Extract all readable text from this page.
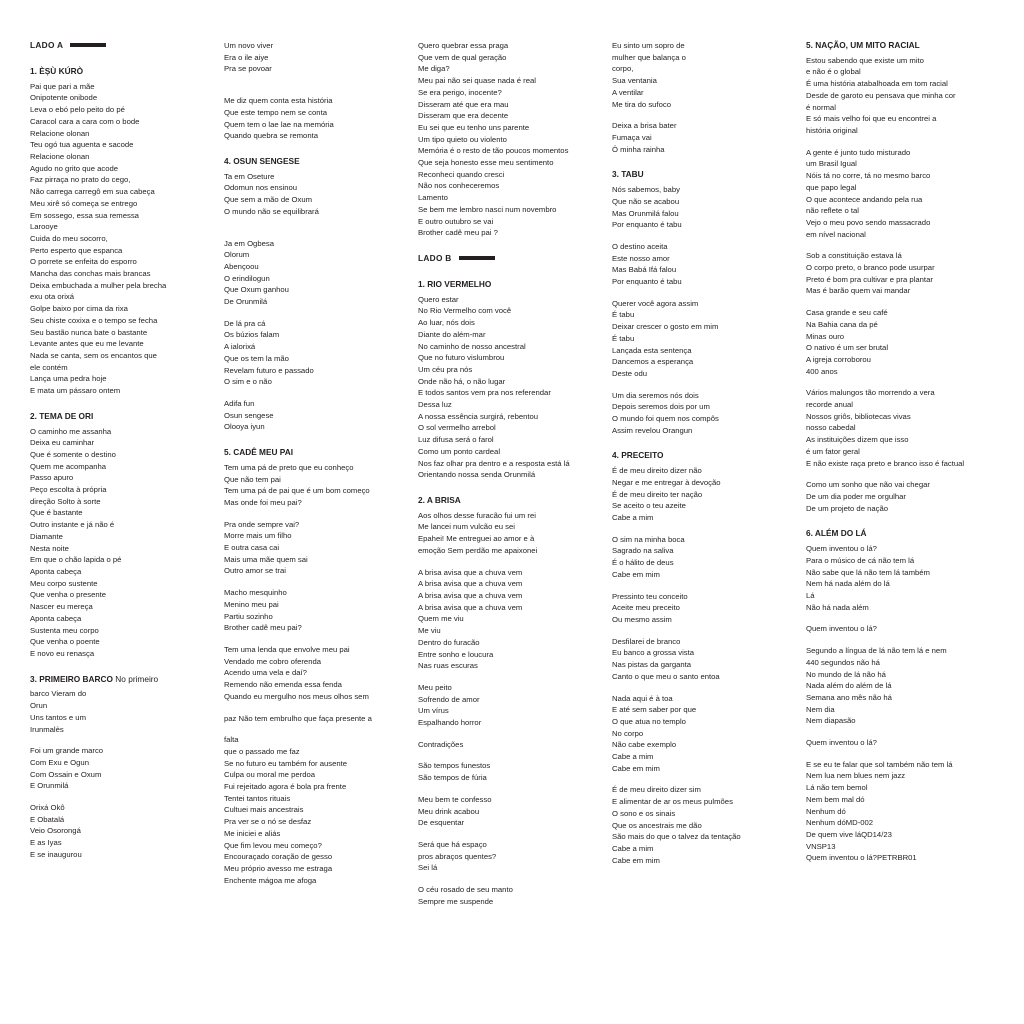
LADO A
1. ÈṢÙ KÚRÒ
Pai que pari a mãe
Onipotente onibode
Leva o ebó pelo peito do pé
Caracol cara a cara com o bode
Relacione olonan
Teu ogó tua aguenta e sacode
Relacione olonan
Agudo no grito que acode
Faz pirraça no prato do cego,
Não carrega carregô em sua cabeça
Meu xirê só começa se entrego
Em sossego, essa sua remessa
Larooye
Cuida do meu socorro,
Perto esperto que espanca
O porrete se enfeita do esporro
Mancha das conchas mais brancas
Deixa embuchada a mulher pela brecha
exu ota orixá
Golpe baixo por cima da rixa
Seu chiste coxixa e o tempo se fecha
Seu bastão nunca bate o bastante
Levante antes que eu me levante
Nada se canta, sem os encantos que
ele contém
Lança uma pedra hoje
E mata um pássaro ontem
2. TEMA DE ORI
O caminho me assanha
Deixa eu caminhar
Que é somente o destino
Quem me acompanha
Passo apuro
Peço escolta à própria
direção Solto à sorte
Que é bastante
Outro instante e já não é
Diamante
Nesta noite
Em que o chão lapida o pé
Aponta cabeça
Meu corpo sustente
Que venha o presente
Nascer eu mereça
Aponta cabeça
Sustenta meu corpo
Que venha o poente
E novo eu renasça
3. PRIMEIRO BARCO No primeiro
barco Vieram do
Orun
Uns tantos e um
Irunmalès

Foi um grande marco
Com Exu e Ogun
Com Ossain e Oxum
E Orunmilá

Orixá Okô
E Obatalá
Veio Osorongá
E as Iyas
E se inaugurou
Um novo viver
Era o ile aiye
Pra se povoar

Me diz quem conta esta história
Que este tempo nem se conta
Quem tem o lae lae na memória
Quando quebra se remonta
4. OSUN SENGESE
Ta em Oseture
Odomun nos ensinou
Que sem a mão de Oxum
O mundo não se equilibrará

Ja em Ogbesa
Olorum
Abençoou
O erindilogun
Que Oxum ganhou
De Orunmilá

De lá pra cá
Os búzios falam
A ialorixá
Que os tem la mão
Revelam futuro e passado
O sim e o não

Adifa fun
Osun sengese
Olooya iyun
5. CADÊ MEU PAI
Tem uma pá de preto que eu conheço
Que não tem pai
Tem uma pá de pai que é um bom começo
Mas onde foi meu pai?

Pra onde sempre vai?
Morre mais um filho
E outra casa cai
Mais uma mãe quem sai
Outro amor se trai

Macho mesquinho
Menino meu pai
Partiu sozinho
Brother cadê meu pai?

Tem uma lenda que envolve meu pai
Vendado me cobro oferenda
Acendo uma vela e daí?
Remendo não emenda essa fenda
Quando eu mergulho nos meus olhos sem

paz Não tem embrulho que faça presente a

falta
que o passado me faz
Se no futuro eu também for ausente
Culpa ou moral me perdoa
Fui rejeitado agora é bola pra frente
Tentei tantos rituais
Cultuei mais ancestrais
Pra ver se o nó se desfaz
Me iniciei e aliás
Que fim levou meu começo?
Encouraçado coração de gesso
Meu próprio avesso me estraga
Enchente mágoa me afoga
Quero quebrar essa praga
Que vem de qual geração
Me diga?
Meu pai não sei quase nada é real
Se era perigo, inocente?
Disseram até que era mau
Disseram que era decente
Eu sei que eu tenho uns parente
Um tipo quieto ou violento
Memória é o resto de tão poucos momentos
Que seja honesto esse meu sentimento
Reconheci quando cresci
Não nos conheceremos
Lamento
Se bem me lembro nasci num novembro
E outro outubro se vai
Brother cadê meu pai ?
LADO B
1. RIO VERMELHO
Quero estar
No Rio Vermelho com você
Ao luar, nós dois
Diante do além-mar
No caminho de nosso ancestral
Que no futuro vislumbrou
Um céu pra nós
Onde não há, o não lugar
E todos santos vem pra nos referendar
Dessa luz
A nossa essência surgirá, rebentou
O sol vermelho arrebol
Luz difusa será o farol
Como um ponto cardeal
Nos faz olhar pra dentro e a resposta está lá
Orientando nossa senda Orunmilá
2. A BRISA
Aos olhos desse furacão fui um rei
Me lancei num vulcão eu sei
Epahei! Me entreguei ao amor e à
emoção Sem perdão me apaixonei

A brisa avisa que a chuva vem
A brisa avisa que a chuva vem
A brisa avisa que a chuva vem
A brisa avisa que a chuva vem
Quem me viu
Me viu
Dentro do furacão
Entre sonho e loucura
Nas ruas escuras

Meu peito
Sofrendo de amor
Um vírus
Espalhando horror

Contradições

São tempos funestos
São tempos de fúria

Meu bem te confesso
Meu drink acabou
De esquentar

Será que há espaço
pros abraços quentes?
Sei lá

O céu rosado de seu manto
Sempre me suspende
Eu sinto um sopro de
mulher que balança o
corpo,
Sua ventania
A ventilar
Me tira do sufoco

Deixa a brisa bater
Fumaça vai
Ô minha rainha
3. TABU
Nós sabemos, baby
Que não se acabou
Mas Orunmilá falou
Por enquanto é tabu

O destino aceita
Este nosso amor
Mas Babá Ifá falou
Por enquanto é tabu

Querer você agora assim
É tabu
Deixar crescer o gosto em mim
É tabu
Lançada esta sentença
Dancemos a esperança
Deste odu

Um dia seremos nós dois
Depois seremos dois por um
O mundo foi quem nos compôs
Assim revelou Orangun
4. PRECEITO
É de meu direito dizer não
Negar e me entregar à devoção
É de meu direito ter nação
Se aceito o teu azeite
Cabe a mim

O sim na minha boca
Sagrado na saliva
É o hálito de deus
Cabe em mim

Pressinto teu conceito
Aceite meu preceito
Ou mesmo assim

Desfilarei de branco
Eu banco a grossa vista
Nas pistas da garganta
Canto o que meu o santo entoa

Nada aqui é à toa
E até sem saber por que
O que atua no templo
No corpo
Não cabe exemplo
Cabe a mim
Cabe em mim

É de meu direito dizer sim
E alimentar de ar os meus pulmões
O sono e os sinais
Que os ancestrais me dão
São mais do que o talvez da tentação
Cabe a mim
Cabe em mim
5. NAÇÃO, UM MITO RACIAL
Estou sabendo que existe um mito
e não é o global
É uma história atabalhoada em tom racial
Desde de garoto eu pensava que minha cor
é normal
E só mais velho foi que eu encontrei a
história original

A gente é junto tudo misturado
um Brasil Igual
Nóis tá no corre, tá no mesmo barco
que papo legal
O que acontece andando pela rua
não reflete o tal
Vejo o meu povo sendo massacrado
em nível nacional

Sob a constituição estava lá
O corpo preto, o branco pode usurpar
Preto é bom pra cultivar e pra plantar
Mas é barão quem vai mandar

Casa grande e seu café
Na Bahia cana da pé
Minas ouro
O nativo é um ser brutal
A igreja corroborou
400 anos

Vários malungos tão morrendo a vera
recorde anual
Nossos griôs, bibliotecas vivas
nosso cabedal
As instituições dizem que isso
é um fator geral
E não existe raça preto e branco isso é factual

Como um sonho que não vai chegar
De um dia poder me orgulhar
De um projeto de nação
6. ALÉM DO LÁ
Quem inventou o lá?
Para o músico de cá não tem lá
Não sabe que lá não tem lá também
Nem há nada além do lá
Lá
Não há nada além

Quem inventou o lá?

Segundo a língua de lá não tem lá e nem
440 segundos não há
No mundo de lá não há
Nada além do além de lá
Semana ano mês não há
Nem dia
Nem diapasão

Quem inventou o lá?

E se eu te falar que sol também não tem lá
Nem lua nem blues nem jazz
Lá não tem bemol
Nem bem mal dó
Nenhum dó
Nenhum dóMD-002
De quem vive láQD14/23
VNSP13
Quem inventou o lá?PETRBR01
